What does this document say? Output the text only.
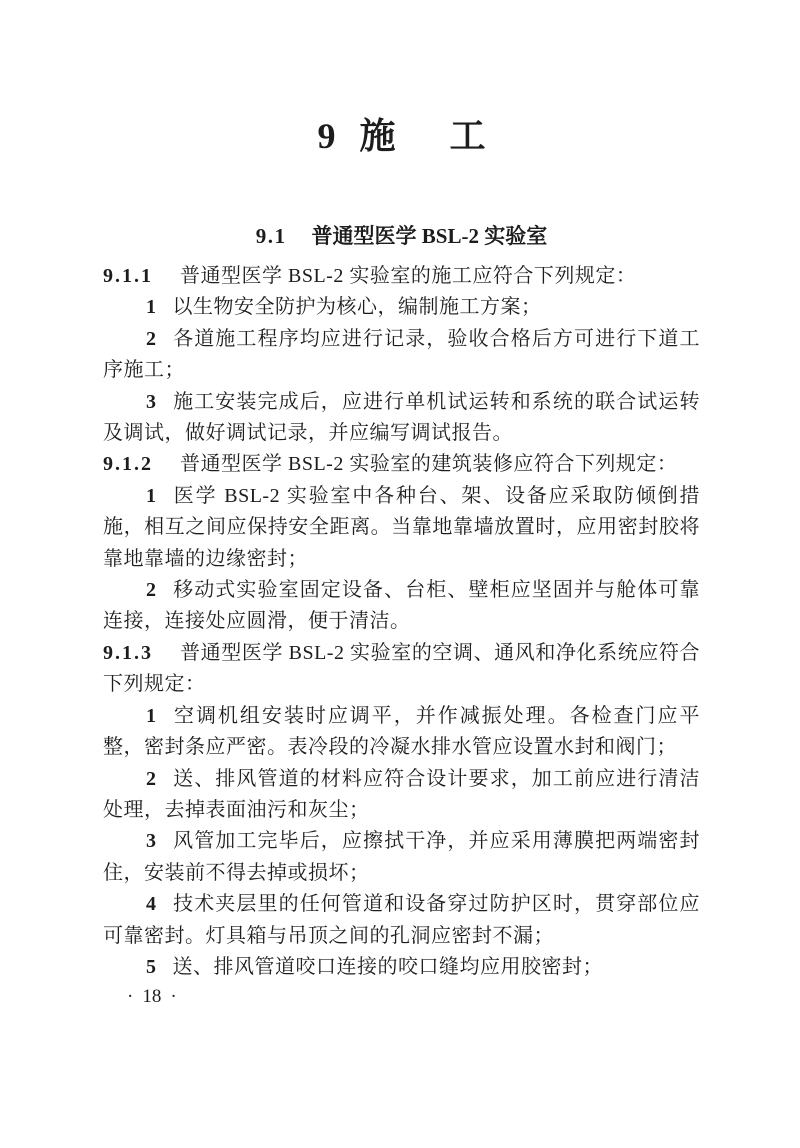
9 施 工
9.1 普通型医学 BSL-2 实验室

9.1.1 普通型医学 BSL-2 实验室的施工应符合下列规定：

1 以生物安全防护为核心，编制施工方案；

2 各道施工程序均应进行记录，验收合格后方可进行下道工序施工；

3 施工安装完成后，应进行单机试运转和系统的联合试运转及调试，做好调试记录，并应编写调试报告。

9.1.2 普通型医学 BSL-2 实验室的建筑装修应符合下列规定：

1 医学 BSL-2 实验室中各种台、架、设备应采取防倾倒措施，相互之间应保持安全距离。当靠地靠墙放置时，应用密封胶将靠地靠墙的边缘密封；

2 移动式实验室固定设备、台柜、壁柜应坚固并与舱体可靠连接，连接处应圆滑，便于清洁。

9.1.3 普通型医学 BSL-2 实验室的空调、通风和净化系统应符合下列规定：

1 空调机组安装时应调平，并作减振处理。各检查门应平整，密封条应严密。表冷段的冷凝水排水管应设置水封和阀门；

2 送、排风管道的材料应符合设计要求，加工前应进行清洁处理，去掉表面油污和灰尘；

3 风管加工完毕后，应擦拭干净，并应采用薄膜把两端密封住，安装前不得去掉或损坏；

4 技术夹层里的任何管道和设备穿过防护区时，贯穿部位应可靠密封。灯具箱与吊顶之间的孔洞应密封不漏；

5 送、排风管道咬口连接的咬口缝均应用胶密封；

· 18 ·
